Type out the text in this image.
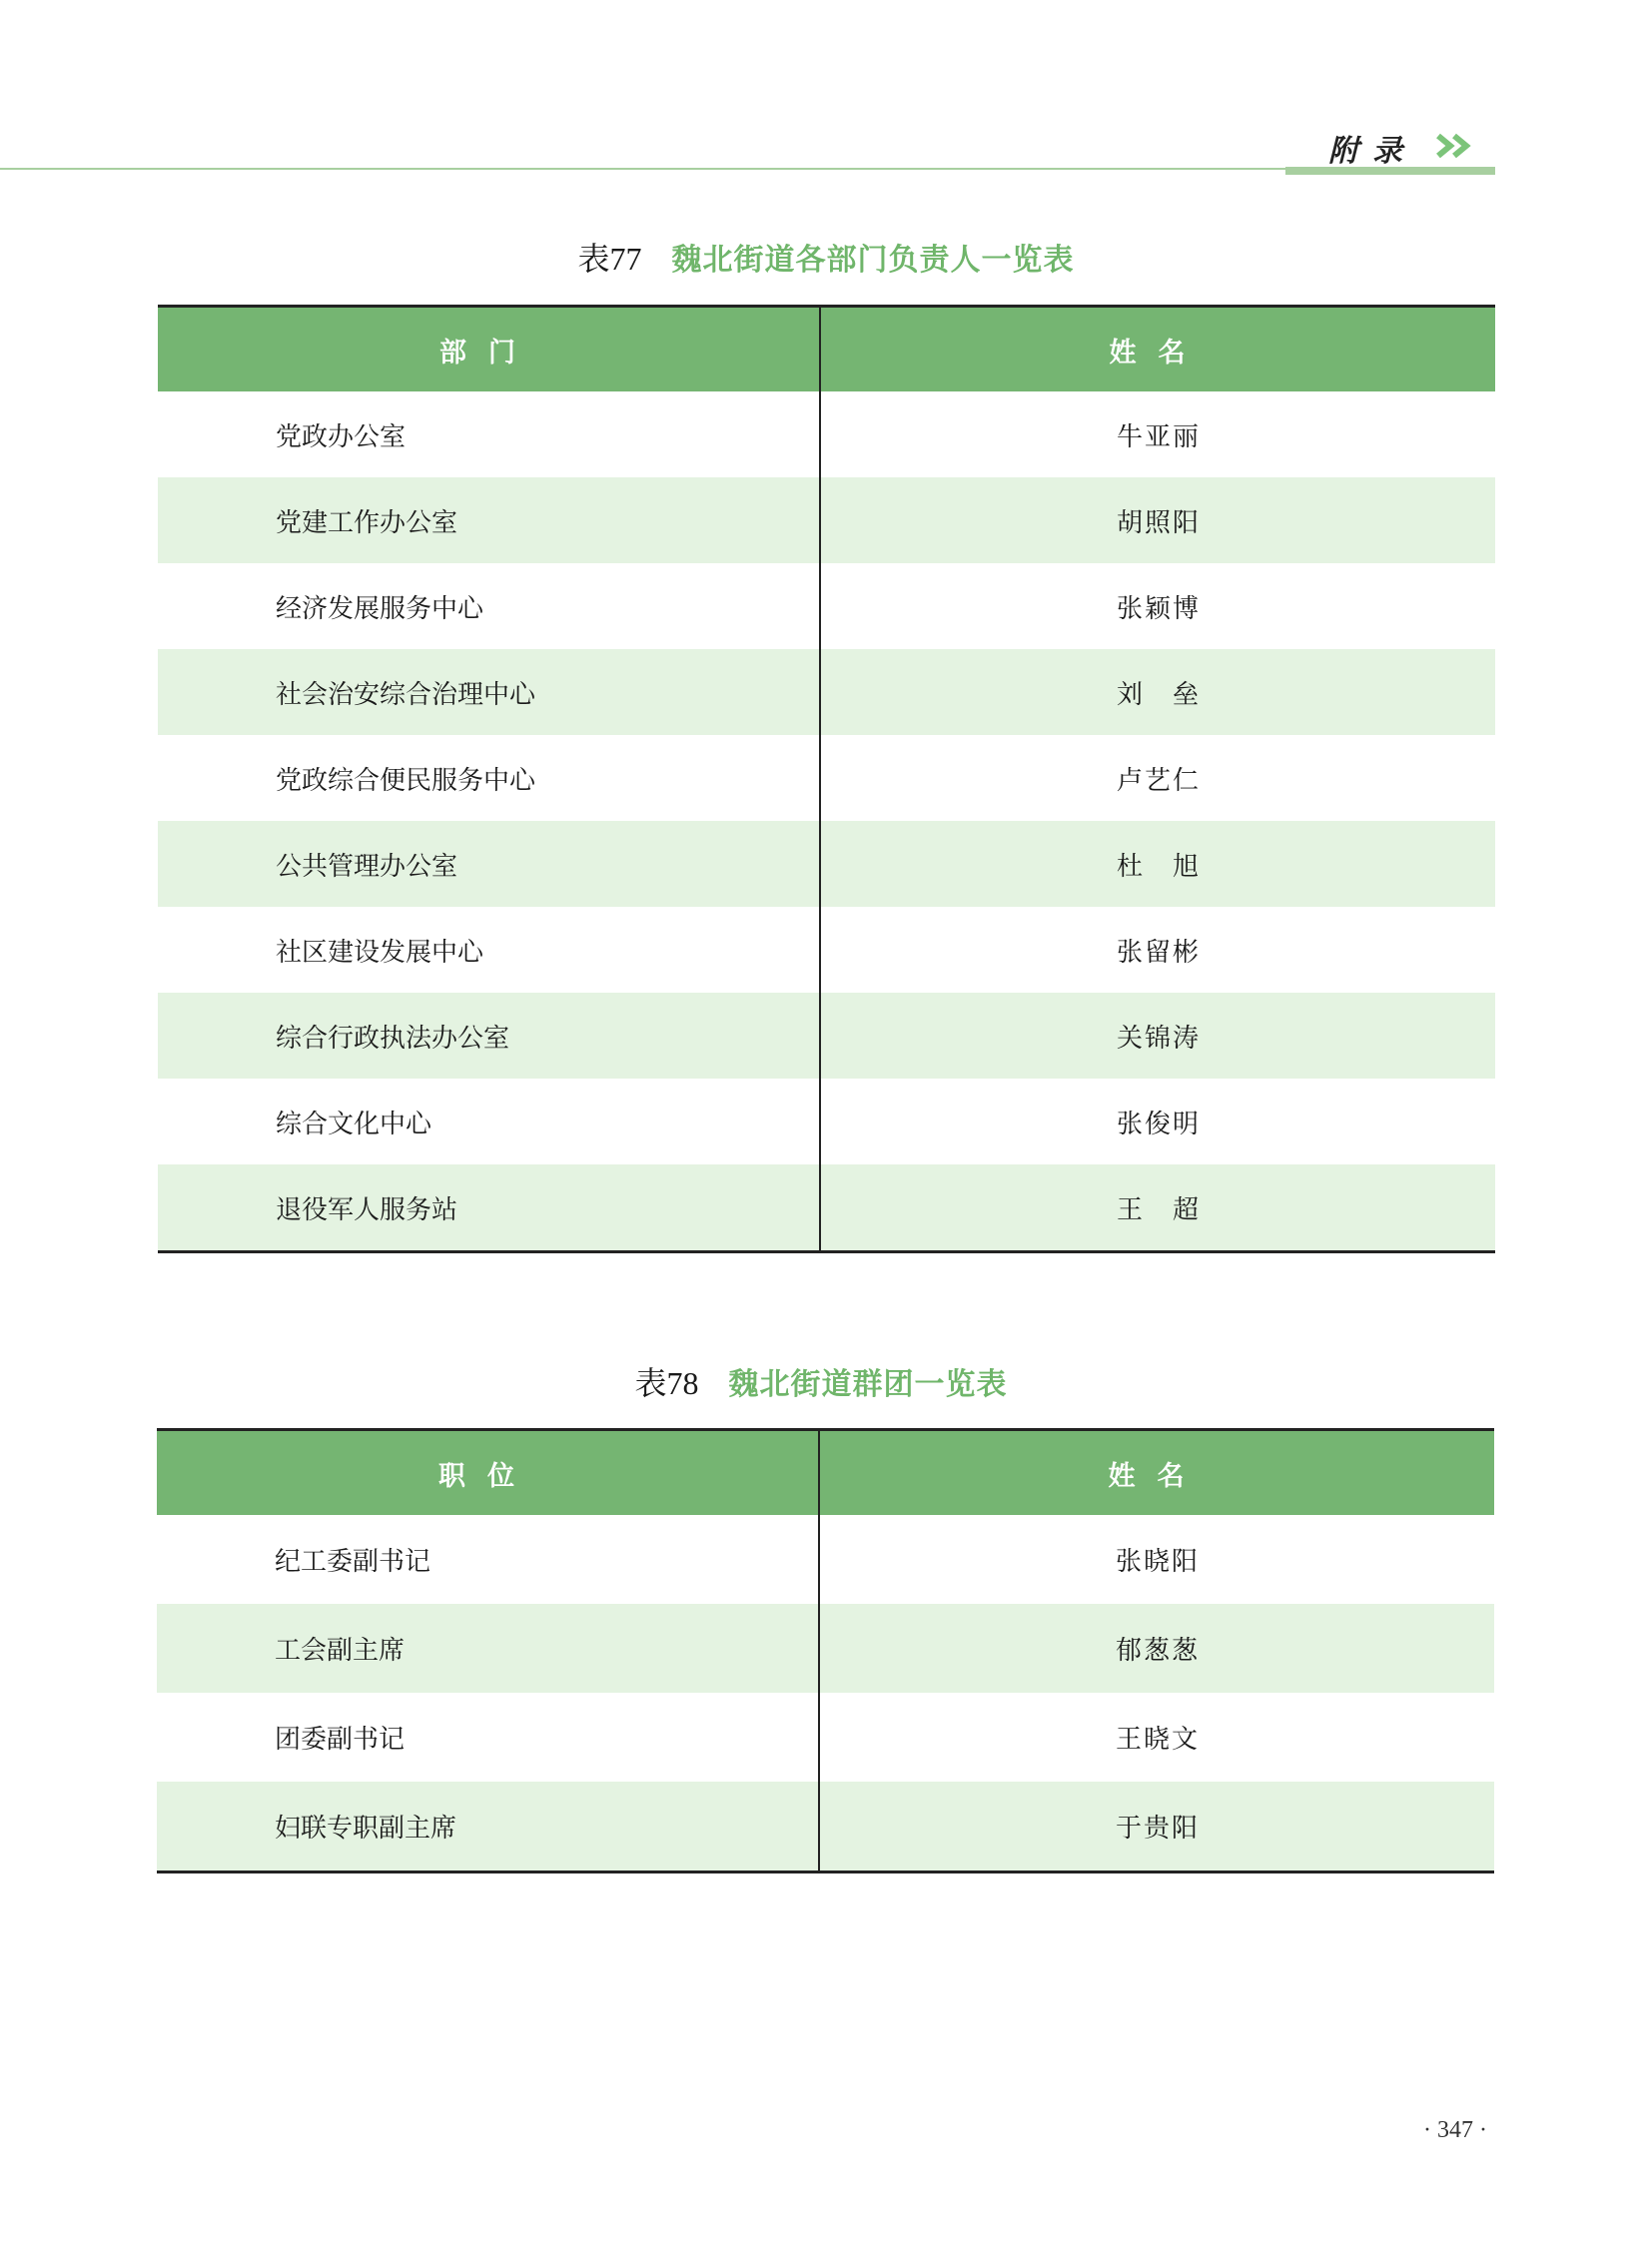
附录
表77 魏北街道各部门负责人一览表
部门	姓名
党政办公室	牛亚丽
党建工作办公室	胡照阳
经济发展服务中心	张颖博
社会治安综合治理中心	刘　垒
党政综合便民服务中心	卢艺仁
公共管理办公室	杜　旭
社区建设发展中心	张留彬
综合行政执法办公室	关锦涛
综合文化中心	张俊明
退役军人服务站	王　超
表78 魏北街道群团一览表
职位	姓名
纪工委副书记	张晓阳
工会副主席	郁葱葱
团委副书记	王晓文
妇联专职副主席	于贵阳
· 347 ·
